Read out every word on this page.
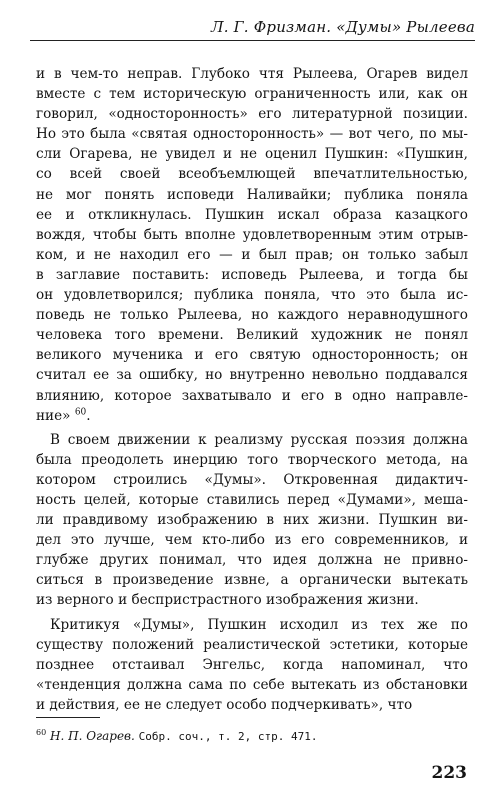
Л. Г. Фризман. «Думы» Рылеева
и в чем-то неправ. Глубоко чтя Рылеева, Огарев видел
вместе с тем историческую ограниченность или, как он
говорил, «односторонность» его литературной позиции.
Но это была «святая односторонность» — вот чего, по мы-
сли Огарева, не увидел и не оценил Пушкин: «Пушкин,
со всей своей всеобъемлющей впечатлительностью,
не мог понять исповеди Наливайки; публика поняла
ее и откликнулась. Пушкин искал образа казацкого
вождя, чтобы быть вполне удовлетворенным этим отрыв-
ком, и не находил его — и был прав; он только забыл
в заглавие поставить: исповедь Рылеева, и тогда бы
он удовлетворился; публика поняла, что это была ис-
поведь не только Рылеева, но каждого неравнодушного
человека того времени. Великий художник не понял
великого мученика и его святую односторонность; он
считал ее за ошибку, но внутренно невольно поддавался
влиянию, которое захватывало и его в одно направле-
ние» $^{60}$.
В своем движении к реализму русская поэзия должна
была преодолеть инерцию того творческого метода, на
котором строились «Думы». Откровенная дидактич-
ность целей, которые ставились перед «Думами», меша-
ли правдивому изображению в них жизни. Пушкин ви-
дел это лучше, чем кто-либо из его современников, и
глубже других понимал, что идея должна не привно-
ситься в произведение извне, а органически вытекать
из верного и беспристрастного изображения жизни.
Критикуя «Думы», Пушкин исходил из тех же по
существу положений реалистической эстетики, которые
позднее отстаивал Энгельс, когда напоминал, что
«тенденция должна сама по себе вытекать из обстановки
и действия, ее не следует особо подчеркивать», что
$^{60}$ Н. П. Огарев. Собр. соч., т. 2, стр. 471.
223
